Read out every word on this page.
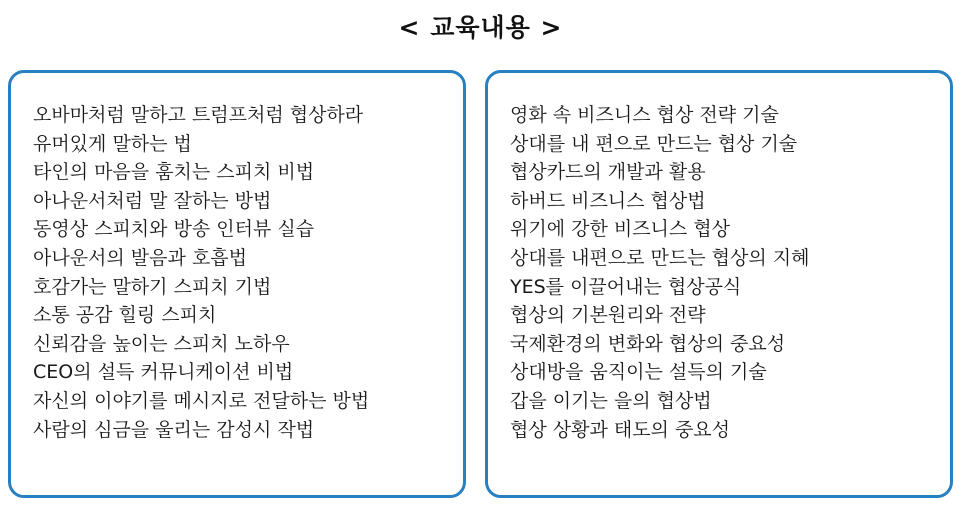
< 교육내용 >
오바마처럼 말하고 트럼프처럼 협상하라
유머있게 말하는 법
타인의 마음을 훔치는 스피치 비법
아나운서처럼 말 잘하는 방법
동영상 스피치와 방송 인터뷰 실습
아나운서의 발음과 호흡법
호감가는 말하기 스피치 기법
소통 공감 힐링 스피치
신뢰감을 높이는 스피치 노하우
CEO의 설득 커뮤니케이션 비법
자신의 이야기를 메시지로 전달하는 방법
사람의 심금을 울리는 감성시 작법
영화 속 비즈니스 협상 전략 기술
상대를 내 편으로 만드는 협상 기술
협상카드의 개발과 활용
하버드 비즈니스 협상법
위기에 강한 비즈니스 협상
상대를 내편으로 만드는 협상의 지혜
YES를 이끌어내는 협상공식
협상의 기본원리와 전략
국제환경의 변화와 협상의 중요성
상대방을 움직이는 설득의 기술
갑을 이기는 을의 협상법
협상 상황과 태도의 중요성
